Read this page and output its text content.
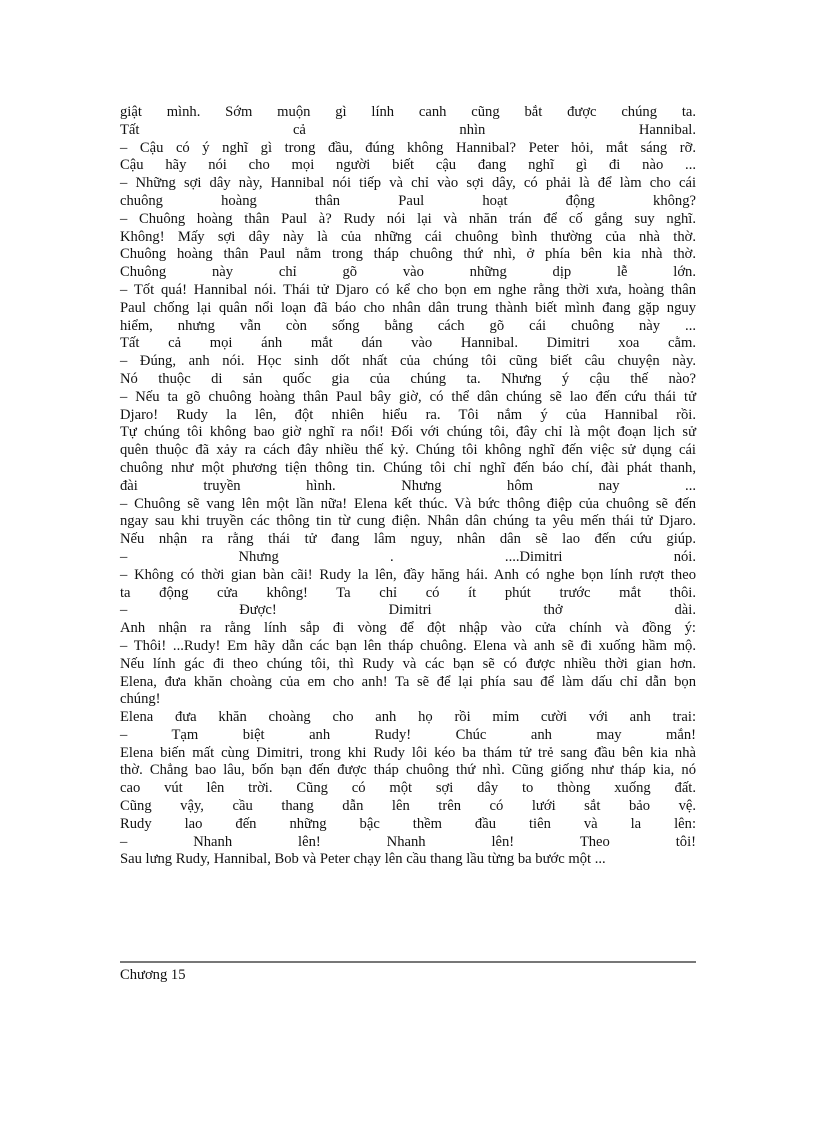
giật mình. Sớm muộn gì lính canh cũng bắt được chúng ta.
Tất cả nhìn Hannibal.
– Cậu có ý nghĩ gì trong đầu, đúng không Hannibal? Peter hỏi, mắt sáng rỡ.
Cậu hãy nói cho mọi người biết cậu đang nghĩ gì đi nào ...
– Những sợi dây này, Hannibal nói tiếp và chỉ vào sợi dây, có phải là để làm cho cái
chuông hoàng thân Paul hoạt động không?
– Chuông hoàng thân Paul à? Rudy nói lại và nhăn trán để cố gắng suy nghĩ.
Không! Mấy sợi dây này là của những cái chuông bình thường của nhà thờ.
Chuông hoàng thân Paul nằm trong tháp chuông thứ nhì, ở phía bên kia nhà thờ.
Chuông này chỉ gõ vào những dịp lễ lớn.
– Tốt quá! Hannibal nói. Thái tử Djaro có kể cho bọn em nghe rằng thời xưa, hoàng thân
Paul chống lại quân nổi loạn đã báo cho nhân dân trung thành biết mình đang gặp nguy
hiểm, nhưng vẫn còn sống bằng cách gõ cái chuông này ...
Tất cả mọi ánh mắt dán vào Hannibal. Dimitri xoa cằm.
– Đúng, anh nói. Học sinh dốt nhất của chúng tôi cũng biết câu chuyện này.
Nó thuộc di sản quốc gia của chúng ta. Nhưng ý cậu thế nào?
– Nếu ta gõ chuông hoàng thân Paul bây giờ, có thể dân chúng sẽ lao đến cứu thái tử
Djaro! Rudy la lên, đột nhiên hiểu ra. Tôi nắm ý của Hannibal rồi.
Tự chúng tôi không bao giờ nghĩ ra nổi! Đối với chúng tôi, đây chỉ là một đoạn lịch sử
quên thuộc đã xảy ra cách đây nhiều thế kỷ. Chúng tôi không nghĩ đến việc sử dụng cái
chuông như một phương tiện thông tin. Chúng tôi chỉ nghĩ đến báo chí, đài phát thanh,
đài truyền hình. Nhưng hôm nay ...
– Chuông sẽ vang lên một lần nữa! Elena kết thúc. Và bức thông điệp của chuông sẽ đến
ngay sau khi truyền các thông tin từ cung điện. Nhân dân chúng ta yêu mến thái tử Djaro.
Nếu nhận ra rằng thái tử đang lâm nguy, nhân dân sẽ lao đến cứu giúp.
– Nhưng . ....Dimitri nói.
– Không có thời gian bàn cãi! Rudy la lên, đầy hăng hái. Anh có nghe bọn lính rượt theo
ta động cửa không! Ta chỉ có ít phút trước mắt thôi.
– Được! Dimitri thở dài.
Anh nhận ra rằng lính sắp đi vòng để đột nhập vào cửa chính và đồng ý:
– Thôi! ...Rudy! Em hãy dẫn các bạn lên tháp chuông. Elena và anh sẽ đi xuống hầm mộ.
Nếu lính gác đi theo chúng tôi, thì Rudy và các bạn sẽ có được nhiều thời gian hơn.
Elena, đưa khăn choàng của em cho anh! Ta sẽ để lại phía sau để làm dấu chỉ dẫn bọn
chúng!
Elena đưa khăn choàng cho anh họ rồi mỉm cười với anh trai:
– Tạm biệt anh Rudy! Chúc anh may mắn!
Elena biến mất cùng Dimitri, trong khi Rudy lôi kéo ba thám tử trẻ sang đầu bên kia nhà
thờ. Chẳng bao lâu, bốn bạn đến được tháp chuông thứ nhì. Cũng giống như tháp kia, nó
cao vút lên trời. Cũng có một sợi dây to thòng xuống đất.
Cũng vậy, cầu thang dẫn lên trên có lưới sắt bảo vệ.
Rudy lao đến những bậc thềm đầu tiên và la lên:
– Nhanh lên! Nhanh lên! Theo tôi!
Sau lưng Rudy, Hannibal, Bob và Peter chạy lên cầu thang lầu từng ba bước một ...
Chương 15
